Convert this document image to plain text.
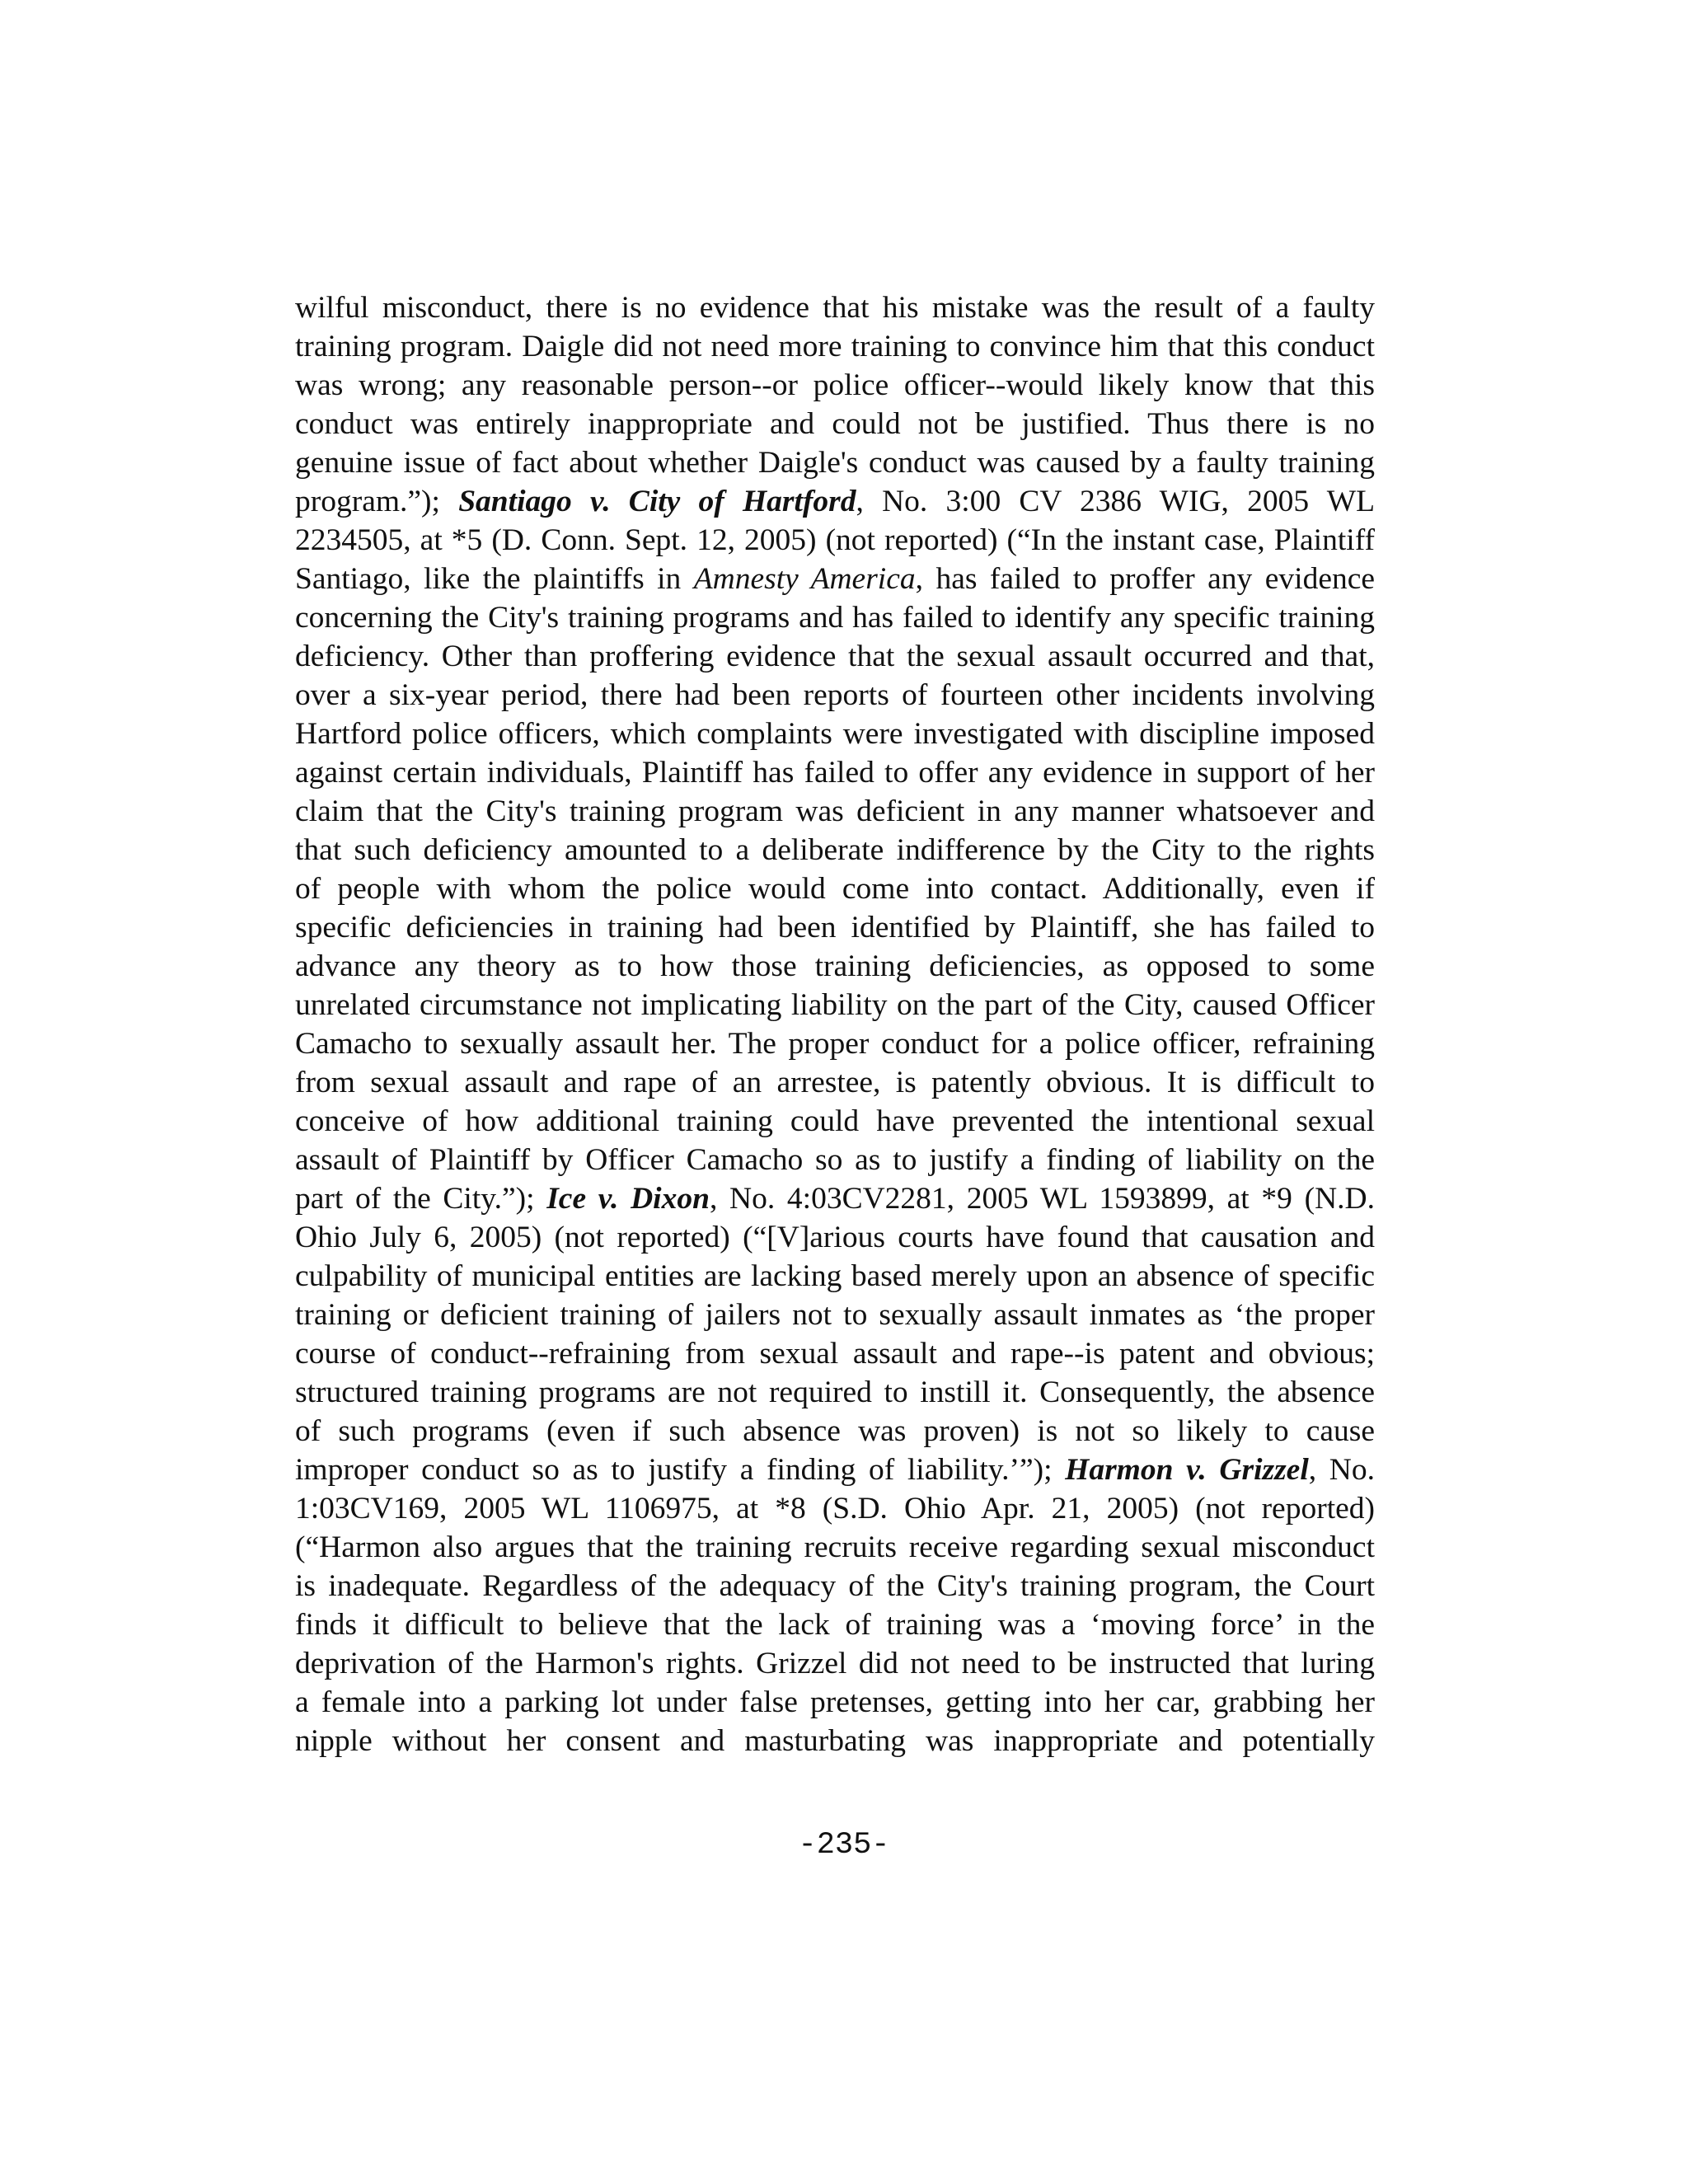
wilful misconduct, there is no evidence that his mistake was the result of a faulty
training program. Daigle did not need more training to convince him that this conduct
was wrong; any reasonable person--or police officer--would likely know that this
conduct was entirely inappropriate and could not be justified. Thus there is no
genuine issue of fact about whether Daigle's conduct was caused by a faulty training
program.”); Santiago v. City of Hartford, No. 3:00 CV 2386 WIG, 2005 WL
2234505, at *5 (D. Conn. Sept. 12, 2005) (not reported) (“In the instant case, Plaintiff
Santiago, like the plaintiffs in Amnesty America, has failed to proffer any evidence
concerning the City's training programs and has failed to identify any specific training
deficiency. Other than proffering evidence that the sexual assault occurred and that,
over a six-year period, there had been reports of fourteen other incidents involving
Hartford police officers, which complaints were investigated with discipline imposed
against certain individuals, Plaintiff has failed to offer any evidence in support of her
claim that the City's training program was deficient in any manner whatsoever and
that such deficiency amounted to a deliberate indifference by the City to the rights
of people with whom the police would come into contact. Additionally, even if
specific deficiencies in training had been identified by Plaintiff, she has failed to
advance any theory as to how those training deficiencies, as opposed to some
unrelated circumstance not implicating liability on the part of the City, caused Officer
Camacho to sexually assault her. The proper conduct for a police officer, refraining
from sexual assault and rape of an arrestee, is patently obvious. It is difficult to
conceive of how additional training could have prevented the intentional sexual
assault of Plaintiff by Officer Camacho so as to justify a finding of liability on the
part of the City.”); Ice v. Dixon, No. 4:03CV2281, 2005 WL 1593899, at *9 (N.D.
Ohio July 6, 2005) (not reported) (“[V]arious courts have found that causation and
culpability of municipal entities are lacking based merely upon an absence of specific
training or deficient training of jailers not to sexually assault inmates as ‘the proper
course of conduct--refraining from sexual assault and rape--is patent and obvious;
structured training programs are not required to instill it. Consequently, the absence
of such programs (even if such absence was proven) is not so likely to cause
improper conduct so as to justify a finding of liability.’”); Harmon v. Grizzel, No.
1:03CV169, 2005 WL 1106975, at *8 (S.D. Ohio Apr. 21, 2005) (not reported)
(“Harmon also argues that the training recruits receive regarding sexual misconduct
is inadequate. Regardless of the adequacy of the City's training program, the Court
finds it difficult to believe that the lack of training was a ‘moving force’ in the
deprivation of the Harmon's rights. Grizzel did not need to be instructed that luring
a female into a parking lot under false pretenses, getting into her car, grabbing her
nipple without her consent and masturbating was inappropriate and potentially
-235-
